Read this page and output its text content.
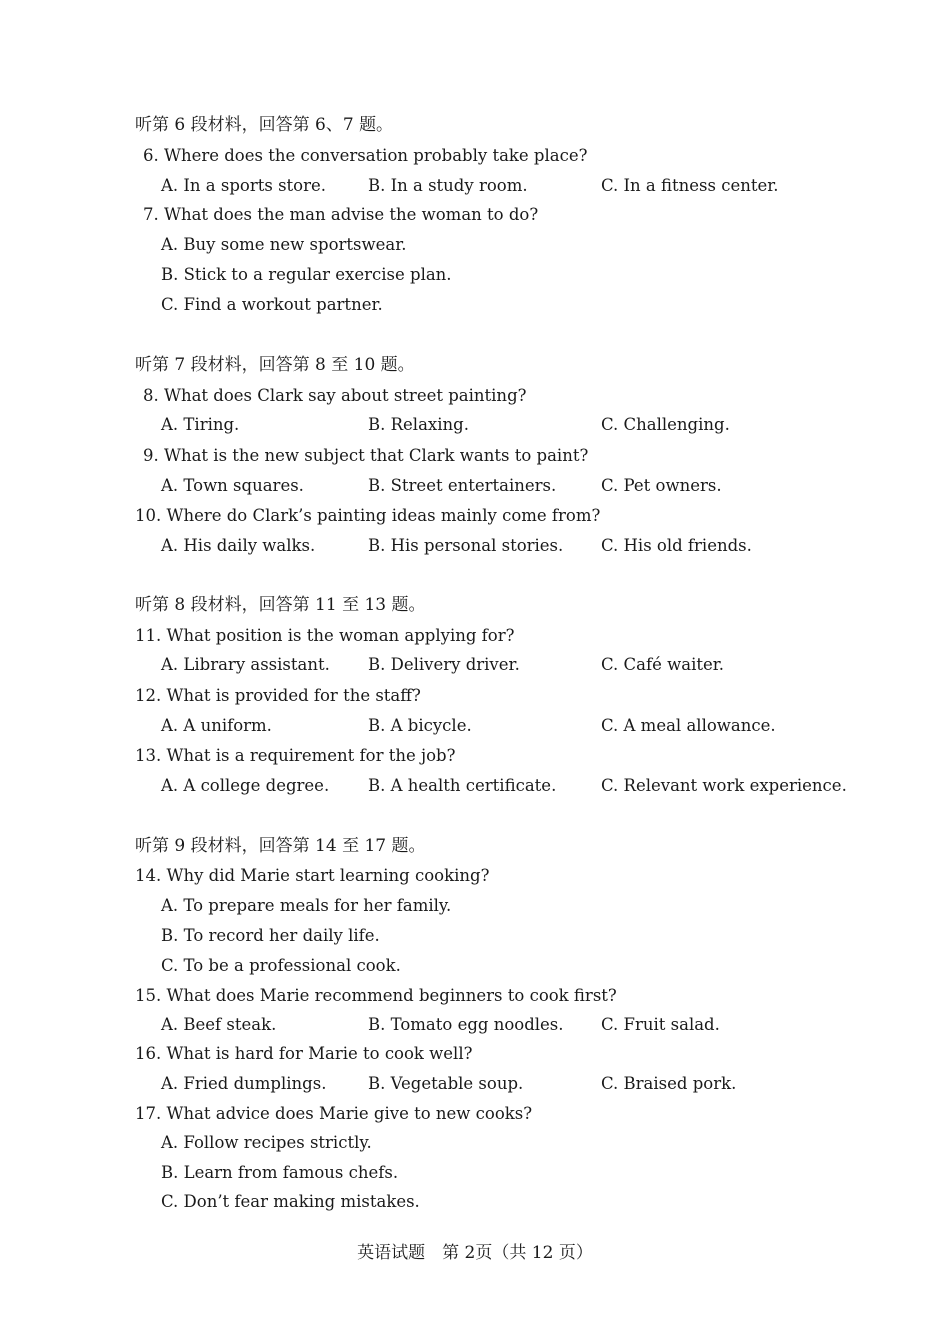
听第 6 段材料，回答第 6、7 题。
6. Where does the conversation probably take place?
A. In a sports store.	B. In a study room.	C. In a fitness center.
7. What does the man advise the woman to do?
A. Buy some new sportswear.
B. Stick to a regular exercise plan.
C. Find a workout partner.
听第 7 段材料，回答第 8 至 10 题。
8. What does Clark say about street painting?
A. Tiring.	B. Relaxing.	C. Challenging.
9. What is the new subject that Clark wants to paint?
A. Town squares.	B. Street entertainers.	C. Pet owners.
10. Where do Clark’s painting ideas mainly come from?
A. His daily walks.	B. His personal stories. C. His old friends.
听第 8 段材料，回答第 11 至 13 题。
11. What position is the woman applying for?
A. Library assistant. B. Delivery driver.	C. Café waiter.
12. What is provided for the staff?
A. A uniform.	B. A bicycle.	C. A meal allowance.
13. What is a requirement for the job?
A. A college degree. B. A health certificate.	C. Relevant work experience.
听第 9 段材料，回答第 14 至 17 题。
14. Why did Marie start learning cooking?
A. To prepare meals for her family.
B. To record her daily life.
C. To be a professional cook.
15. What does Marie recommend beginners to cook first?
A. Beef steak.	B. Tomato egg noodles. C. Fruit salad.
16. What is hard for Marie to cook well?
A. Fried dumplings.	B. Vegetable soup.	C. Braised pork.
17. What advice does Marie give to new cooks?
A. Follow recipes strictly.
B. Learn from famous chefs.
C. Don’t fear making mistakes.
英语试题　第 2页（共 12 页）
